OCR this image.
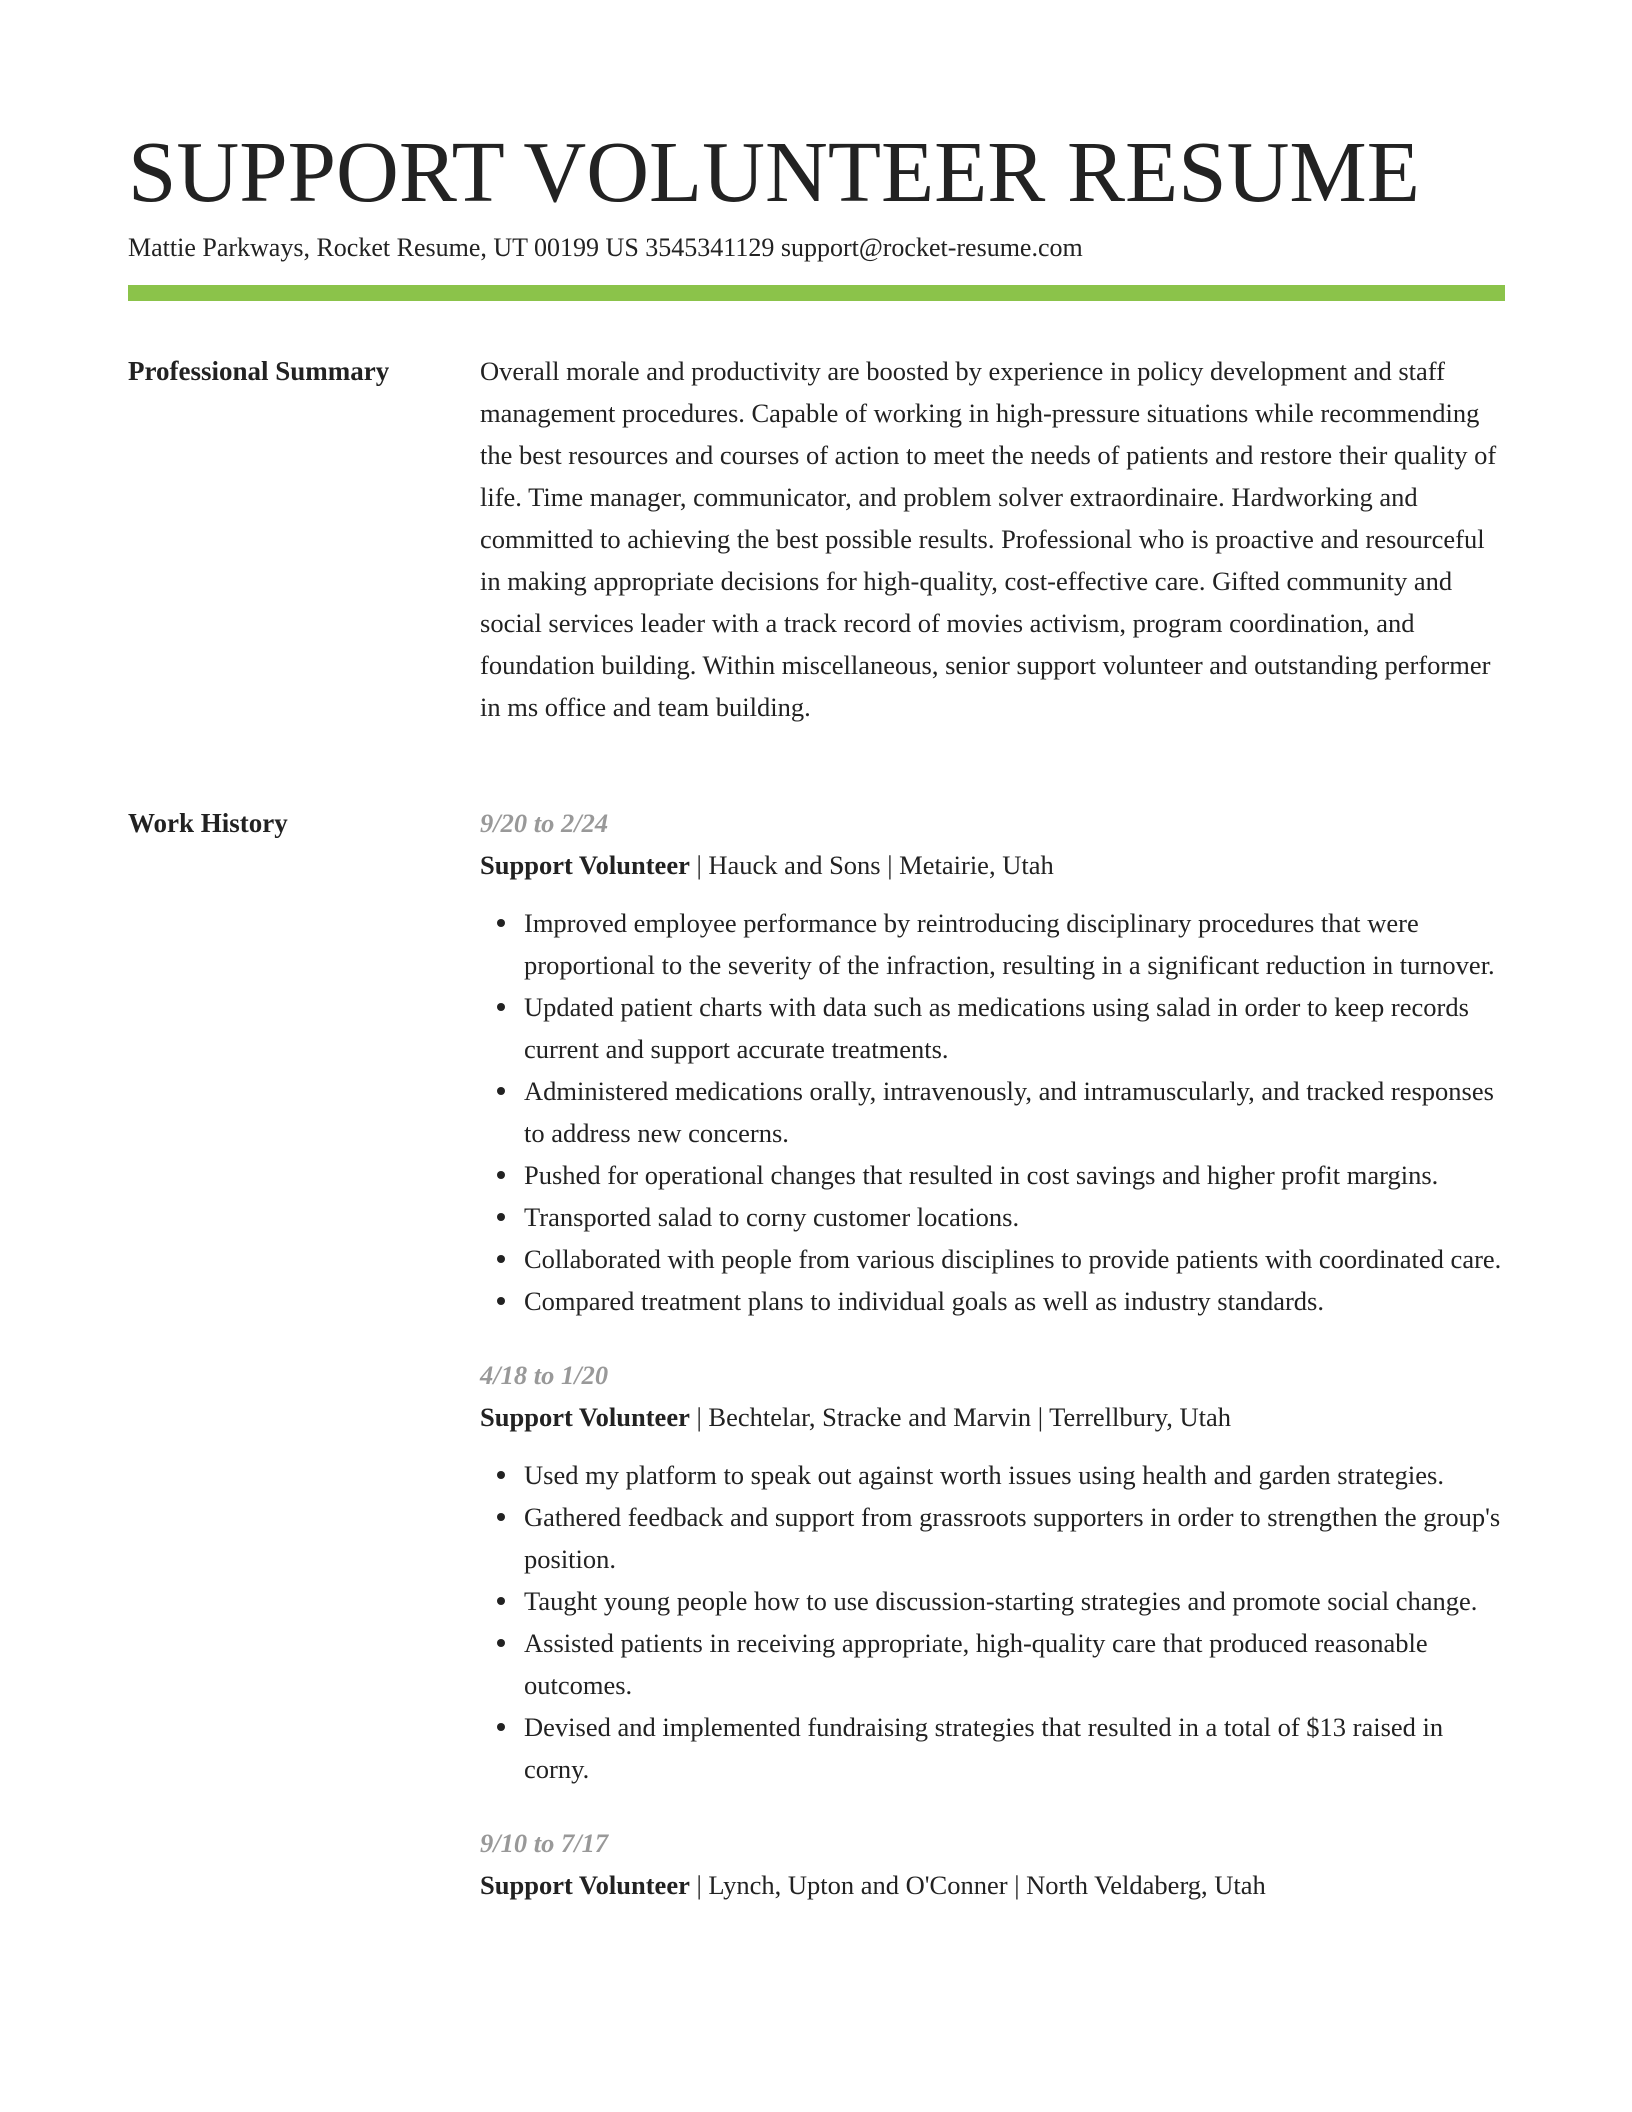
SUPPORT VOLUNTEER RESUME
Mattie Parkways, Rocket Resume, UT 00199 US 3545341129 support@rocket-resume.com
Professional Summary	Overall morale and productivity are boosted by experience in policy development and staff management procedures. Capable of working in high-pressure situations while recommending the best resources and courses of action to meet the needs of patients and restore their quality of life. Time manager, communicator, and problem solver extraordinaire. Hardworking and committed to achieving the best possible results. Professional who is proactive and resourceful in making appropriate decisions for high-quality, cost-effective care. Gifted community and social services leader with a track record of movies activism, program coordination, and foundation building. Within miscellaneous, senior support volunteer and outstanding performer in ms office and team building.

Work History	9/20 to 2/24
Support Volunteer | Hauck and Sons | Metairie, Utah
Improved employee performance by reintroducing disciplinary procedures that were proportional to the severity of the infraction, resulting in a significant reduction in turnover.
Updated patient charts with data such as medications using salad in order to keep records current and support accurate treatments.
Administered medications orally, intravenously, and intramuscularly, and tracked responses to address new concerns.
Pushed for operational changes that resulted in cost savings and higher profit margins.
Transported salad to corny customer locations.
Collaborated with people from various disciplines to provide patients with coordinated care.
Compared treatment plans to individual goals as well as industry standards.
4/18 to 1/20
Support Volunteer | Bechtelar, Stracke and Marvin | Terrellbury, Utah
Used my platform to speak out against worth issues using health and garden strategies.
Gathered feedback and support from grassroots supporters in order to strengthen the group's position.
Taught young people how to use discussion-starting strategies and promote social change.
Assisted patients in receiving appropriate, high-quality care that produced reasonable outcomes.
Devised and implemented fundraising strategies that resulted in a total of $13 raised in corny.
9/10 to 7/17
Support Volunteer | Lynch, Upton and O'Conner | North Veldaberg, Utah
